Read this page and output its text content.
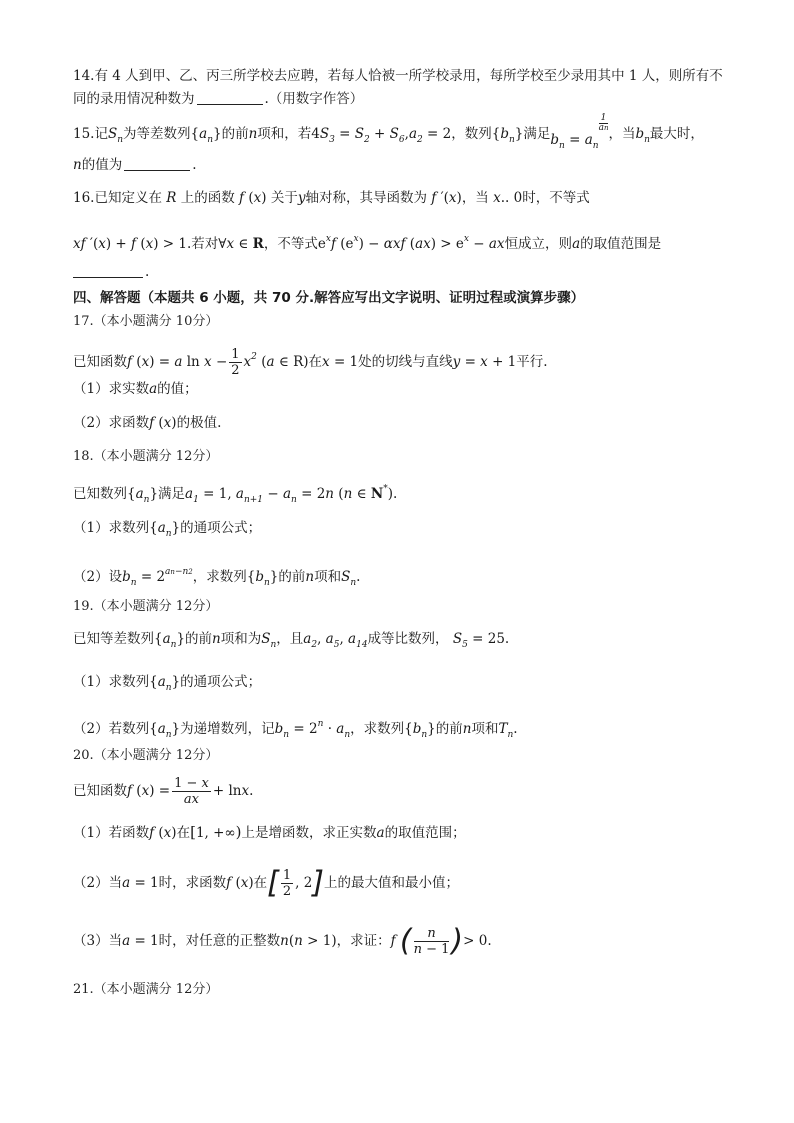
14.有 4 人到甲、乙、丙三所学校去应聘，若每人恰被一所学校录用，每所学校至少录用其中 1 人，则所有不
同的录用情况种数为	.（用数字作答）
15.记$S_n$为等差数列$\{a_n\}$的前n项和，若$4S_3 = S_2 + S_6,a_2 = 2$，数列$\{b_n\}$满足$b_n = a_n$
$^{\frac{1}{an}}$
，当$b_n$最大时，
n的值为	.
16.已知定义在 R 上的函数 f (x) 关于y轴对称，其导函数为 f ′(x)，当 x.. 0时，不等式
xf ′(x) + f (x) > 1.若对∀x ∈ R，不等式$e^xf$ $(e^x) - \alpha xf$ $(ax) > e^x$ − ax恒成立，则a的取值范围是
.
四、解答题（本题共 6 小题，共 70 分.解答应写出文字说明、证明过程或演算步骤）
17.（本小题满分 10分）
已知函数f (x) = a $\ln x - \frac{1}{2} x^2$ (a ∈ R)在x = 1处的切线与直线y = x + 1平行.
（1）求实数a的值；
（2）求函数f (x)的极值.
18.（本小题满分 12分）
已知数列$\{a_n\}$满足$a_1 = 1$, $a_{n+1} - a_n = 2n$ (n ∈ N*).
（1）求数列$\{a_n\}$的通项公式；
（2）设$b_n = 2^{an-n2}$，求数列$\{b_n\}$的前n项和$S_n$.
19.（本小题满分 12分）
已知等差数列$\{a_n\}$的前n项和为$S_n$，且$a_2$, $a_5$, $a_{14}$成等比数列， $S_5 = 25$.
（1）求数列$\{a_n\}$的通项公式；
（2）若数列$\{a_n\}$为递增数列，记$b_n = 2^n \cdot a_n$，求数列$\{b_n\}$的前n项和$T_n$.
20.（本小题满分 12分）
已知函数f $(x) = \frac{1 - x}{ax} + \ln x$.
（1）若函数f (x)在[1, +∞)上是增函数，求正实数a的取值范围；
（2）当a = 1时，求函数f (x)在[ $\frac{1}{2}$ , 2]上的最大值和最小值；
（3）当a = 1时，对任意的正整数n(n > 1)，求证：f ( $\frac{n}{n - 1}$ )> 0.
21.（本小题满分 12分）
